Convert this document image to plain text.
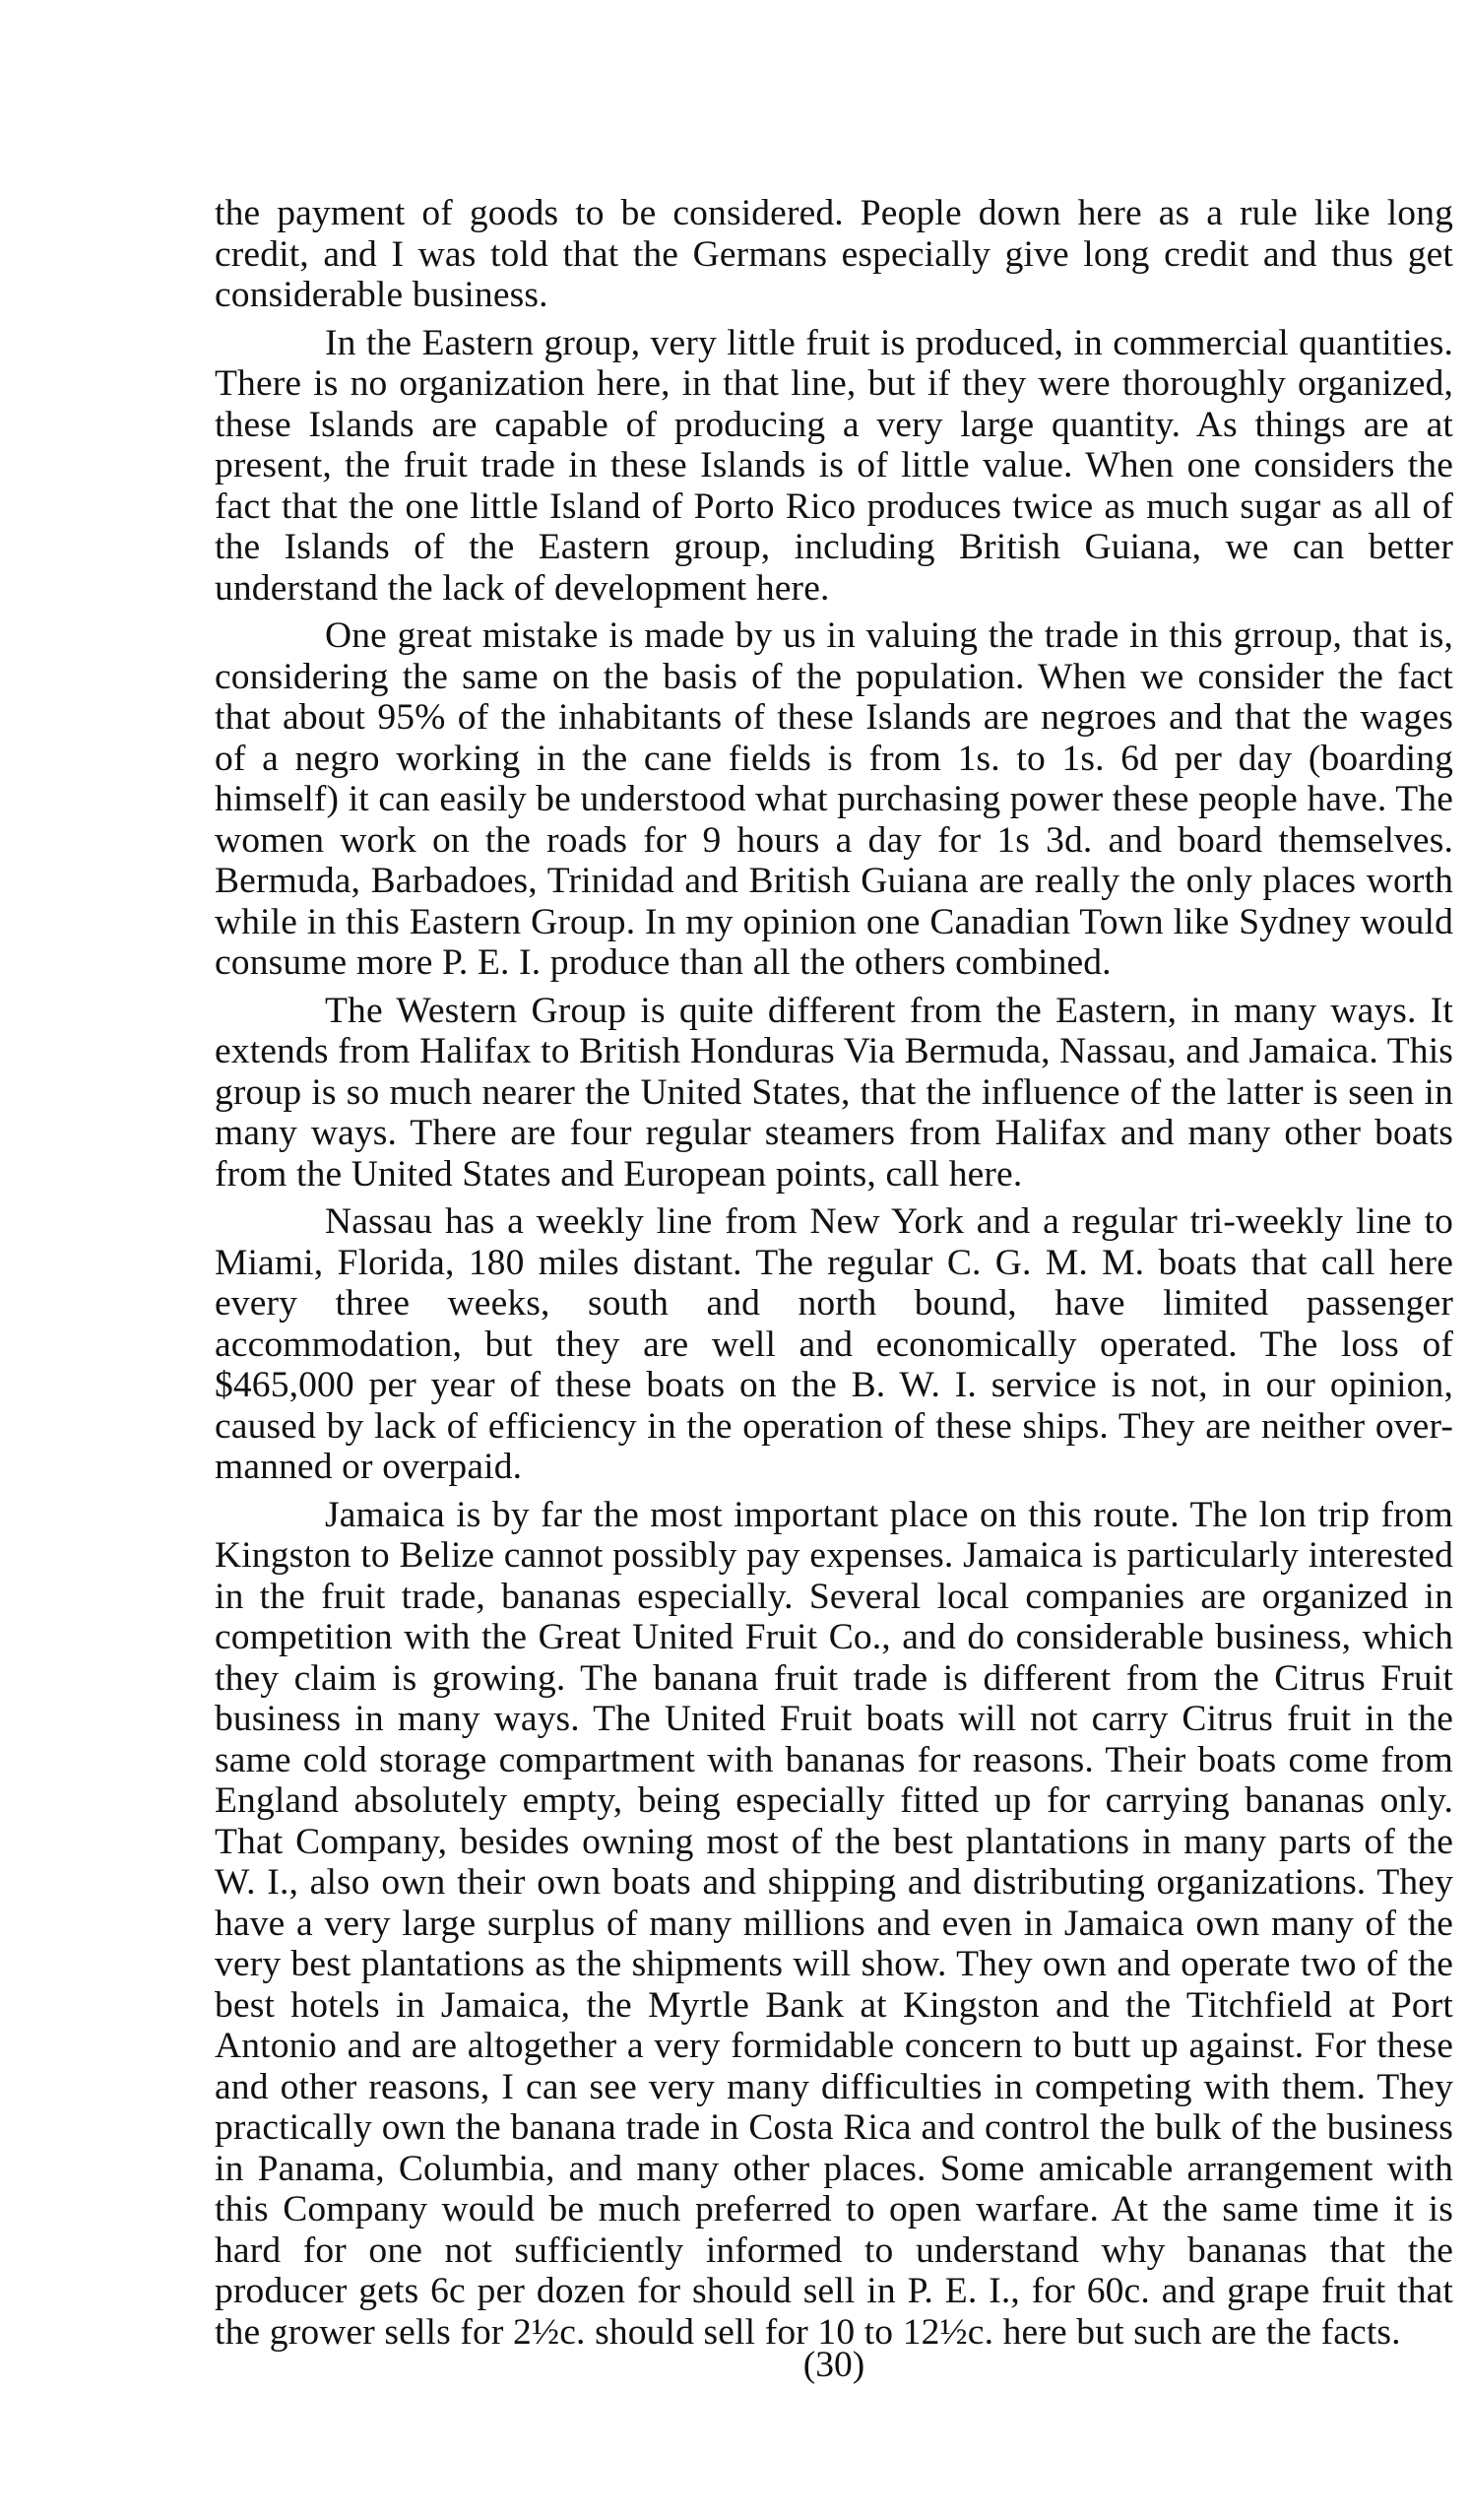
the payment of goods to be considered. People down here as a rule like long credit, and I was told that the Germans especially give long credit and thus get considerable business.

In the Eastern group, very little fruit is produced, in commercial quantities. There is no organization here, in that line, but if they were thoroughly organized, these Islands are capable of producing a very large quantity. As things are at present, the fruit trade in these Islands is of little value. When one considers the fact that the one little Island of Porto Rico produces twice as much sugar as all of the Islands of the Eastern group, including British Guiana, we can better understand the lack of development here.

One great mistake is made by us in valuing the trade in this grroup, that is, considering the same on the basis of the population. When we consider the fact that about 95% of the inhabitants of these Islands are negroes and that the wages of a negro working in the cane fields is from 1s. to 1s. 6d per day (boarding himself) it can easily be understood what purchasing power these people have. The women work on the roads for 9 hours a day for 1s 3d. and board themselves. Bermuda, Barbadoes, Trinidad and British Guiana are really the only places worth while in this Eastern Group. In my opinion one Canadian Town like Sydney would consume more P. E. I. produce than all the others combined.

The Western Group is quite different from the Eastern, in many ways. It extends from Halifax to British Honduras Via Bermuda, Nassau, and Jamaica. This group is so much nearer the United States, that the influence of the latter is seen in many ways. There are four regular steamers from Halifax and many other boats from the United States and European points, call here.

Nassau has a weekly line from New York and a regular tri-weekly line to Miami, Florida, 180 miles distant. The regular C. G. M. M. boats that call here every three weeks, south and north bound, have limited passenger accommodation, but they are well and economically operated. The loss of $465,000 per year of these boats on the B. W. I. service is not, in our opinion, caused by lack of efficiency in the operation of these ships. They are neither over-manned or overpaid.

Jamaica is by far the most important place on this route. The lon trip from Kingston to Belize cannot possibly pay expenses. Jamaica is particularly interested in the fruit trade, bananas especially. Several local companies are organized in competition with the Great United Fruit Co., and do considerable business, which they claim is growing. The banana fruit trade is different from the Citrus Fruit business in many ways. The United Fruit boats will not carry Citrus fruit in the same cold storage compartment with bananas for reasons. Their boats come from England absolutely empty, being especially fitted up for carrying bananas only. That Company, besides owning most of the best plantations in many parts of the W. I., also own their own boats and shipping and distributing organizations. They have a very large surplus of many millions and even in Jamaica own many of the very best plantations as the shipments will show. They own and operate two of the best hotels in Jamaica, the Myrtle Bank at Kingston and the Titchfield at Port Antonio and are altogether a very formidable concern to butt up against. For these and other reasons, I can see very many difficulties in competing with them. They practically own the banana trade in Costa Rica and control the bulk of the business in Panama, Columbia, and many other places. Some amicable arrangement with this Company would be much preferred to open warfare. At the same time it is hard for one not sufficiently informed to understand why bananas that the producer gets 6c per dozen for should sell in P. E. I., for 60c. and grape fruit that the grower sells for 2½c. should sell for 10 to 12½c. here but such are the facts.

(30)
